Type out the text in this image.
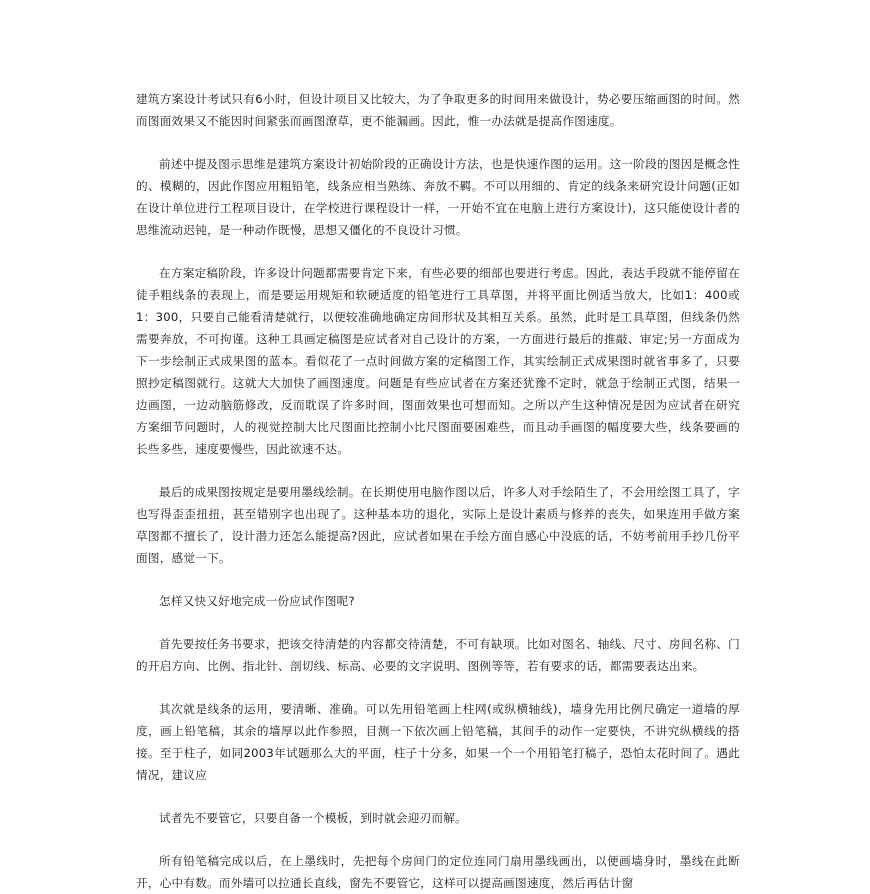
建筑方案设计考试只有6小时，但设计项目又比较大，为了争取更多的时间用来做设计，势必要压缩画图的时间。然而图面效果又不能因时间紧张而画图潦草，更不能漏画。因此，惟一办法就是提高作图速度。

前述中提及图示思维是建筑方案设计初始阶段的正确设计方法，也是快速作图的运用。这一阶段的图因是概念性的、模糊的，因此作图应用粗铅笔，线条应相当熟练、奔放不羁。不可以用细的、肯定的线条来研究设计问题(正如在设计单位进行工程项目设计，在学校进行课程设计一样，一开始不宜在电脑上进行方案设计)，这只能使设计者的思维流动迟钝，是一种动作既慢，思想又僵化的不良设计习惯。

在方案定稿阶段，许多设计问题都需要肯定下来，有些必要的细部也要进行考虑。因此，表达手段就不能停留在徒手粗线条的表现上，而是要运用规矩和软硬适度的铅笔进行工具草图，并将平面比例适当放大，比如1：400或1：300，只要自己能看清楚就行，以便较准确地确定房间形状及其相互关系。虽然，此时是工具草图，但线条仍然需要奔放，不可拘谨。这种工具画定稿图是应试者对自己设计的方案，一方面进行最后的推敲、审定;另一方面成为下一步绘制正式成果图的蓝本。看似花了一点时间做方案的定稿图工作，其实绘制正式成果图时就省事多了，只要照抄定稿图就行。这就大大加快了画图速度。问题是有些应试者在方案还犹豫不定时，就急于绘制正式图，结果一边画图，一边动脑筋修改，反而耽误了许多时间，图面效果也可想而知。之所以产生这种情况是因为应试者在研究方案细节问题时，人的视觉控制大比尺图面比控制小比尺图面要困难些，而且动手画图的幅度要大些，线条要画的长些多些，速度要慢些，因此欲速不达。

最后的成果图按规定是要用墨线绘制。在长期使用电脑作图以后，许多人对手绘陌生了，不会用绘图工具了，字也写得歪歪扭扭，甚至错别字也出现了。这种基本功的退化，实际上是设计素质与修养的丧失，如果连用手做方案草图都不擅长了，设计潜力还怎么能提高?因此，应试者如果在手绘方面自感心中没底的话，不妨考前用手抄几份平面图，感觉一下。

怎样又快又好地完成一份应试作图呢?

首先要按任务书要求，把该交待清楚的内容都交待清楚，不可有缺项。比如对图名、轴线、尺寸、房间名称、门的开启方向、比例、指北针、剖切线、标高、必要的文字说明、图例等等，若有要求的话，都需要表达出来。

其次就是线条的运用，要清晰、准确。可以先用铅笔画上柱网(或纵横轴线)，墙身先用比例尺确定一道墙的厚度，画上铅笔稿，其余的墙厚以此作参照，目测一下依次画上铅笔稿，其间手的动作一定要快，不讲究纵横线的搭接。至于柱子，如同2003年试题那么大的平面，柱子十分多，如果一个一个用铅笔打稿子，恐怕太花时间了。遇此情况，建议应

试者先不要管它，只要自备一个模板，到时就会迎刃而解。

所有铅笔稿完成以后，在上墨线时，先把每个房间门的定位连同门扇用墨线画出，以便画墙身时，墨线在此断开，心中有数。而外墙可以拉通长直线，窗先不要管它，这样可以提高画图速度，然后再估计窗
